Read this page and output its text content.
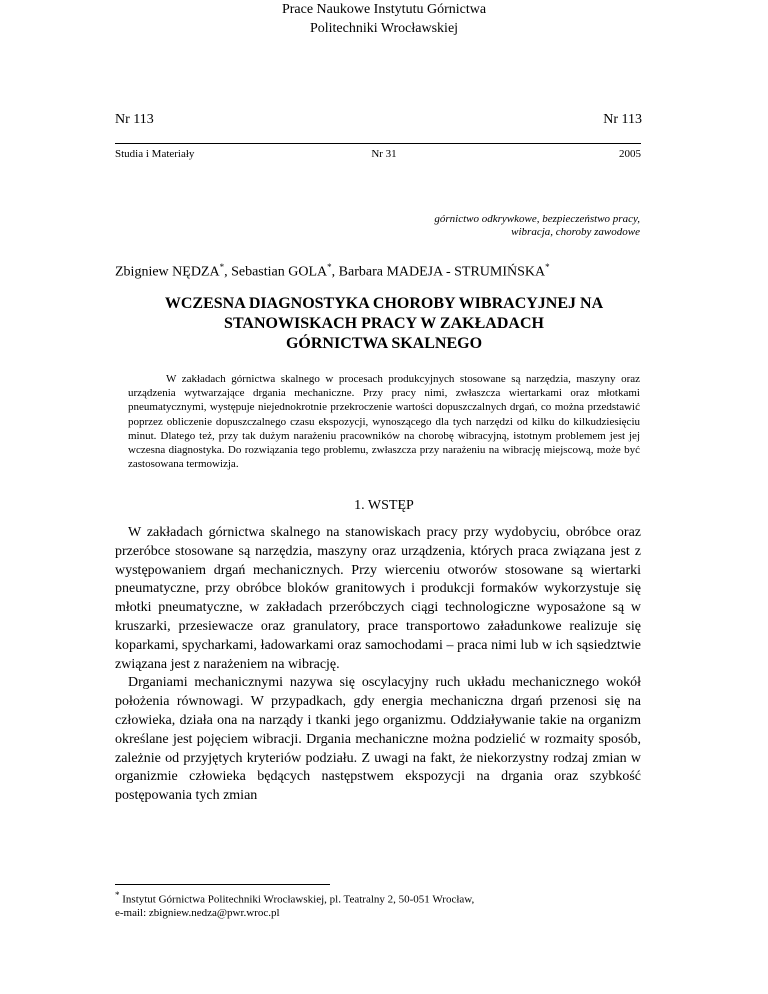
Nr 113
Prace Naukowe Instytutu Górnictwa
Politechniki Wrocławskiej
Nr 113
Studia i Materiały	Nr 31	2005
górnictwo odkrywkowe, bezpieczeństwo pracy,
wibracja, choroby zawodowe
Zbigniew NĘDZA*, Sebastian GOLA*, Barbara MADEJA - STRUMIŃSKA*
WCZESNA DIAGNOSTYKA CHOROBY WIBRACYJNEJ NA
STANOWISKACH PRACY W ZAKŁADACH
GÓRNICTWA SKALNEGO
W zakładach górnictwa skalnego w procesach produkcyjnych stosowane są narzędzia, maszyny oraz urządzenia wytwarzające drgania mechaniczne. Przy pracy nimi, zwłaszcza wiertarkami oraz młotkami pneumatycznymi, występuje niejednokrotnie przekroczenie wartości dopuszczalnych drgań, co można przedstawić poprzez obliczenie dopuszczalnego czasu ekspozycji, wynoszącego dla tych narzędzi od kilku do kilkudziesięciu minut. Dlatego też, przy tak dużym narażeniu pracowników na chorobę wibracyjną, istotnym problemem jest jej wczesna diagnostyka. Do rozwiązania tego problemu, zwłaszcza przy narażeniu na wibrację miejscową, może być zastosowana termowizja.
1. WSTĘP

W zakładach górnictwa skalnego na stanowiskach pracy przy wydobyciu, obróbce oraz przeróbce stosowane są narzędzia, maszyny oraz urządzenia, których praca związana jest z występowaniem drgań mechanicznych. Przy wierceniu otworów stosowane są wiertarki pneumatyczne, przy obróbce bloków granitowych i produkcji formaków wykorzystuje się młotki pneumatyczne, w zakładach przeróbczych ciągi technologiczne wyposażone są w kruszarki, przesiewacze oraz granulatory, prace transportowo załadunkowe realizuje się koparkami, spycharkami, ładowarkami oraz samochodami – praca nimi lub w ich sąsiedztwie związana jest z narażeniem na wibrację.

Drganiami mechanicznymi nazywa się oscylacyjny ruch układu mechanicznego wokół położenia równowagi. W przypadkach, gdy energia mechaniczna drgań przenosi się na człowieka, działa ona na narządy i tkanki jego organizmu. Oddziaływanie takie na organizm określane jest pojęciem wibracji. Drgania mechaniczne można podzielić w rozmaity sposób, zależnie od przyjętych kryteriów podziału. Z uwagi na fakt, że niekorzystny rodzaj zmian w organizmie człowieka będących następstwem ekspozycji na drgania oraz szybkość postępowania tych zmian

* Instytut Górnictwa Politechniki Wrocławskiej, pl. Teatralny 2, 50-051 Wrocław,
e-mail: zbigniew.nedza@pwr.wroc.pl
